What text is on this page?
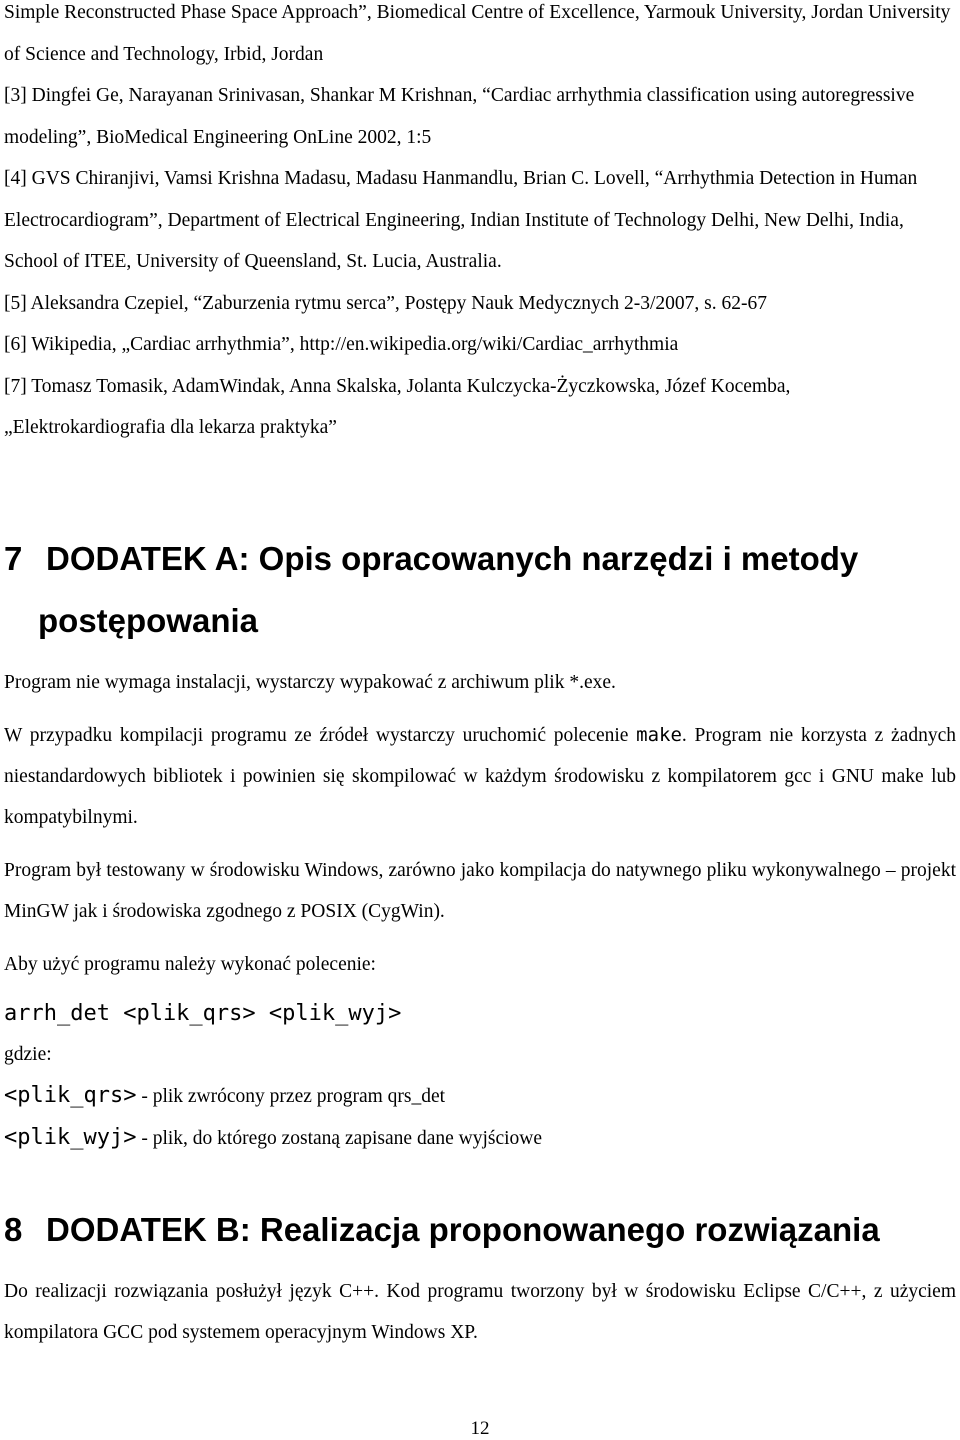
Simple Reconstructed Phase Space Approach”, Biomedical Centre of Excellence, Yarmouk University, Jordan University of Science and Technology, Irbid, Jordan

[3] Dingfei Ge, Narayanan Srinivasan, Shankar M Krishnan, “Cardiac arrhythmia classification using autoregressive modeling”, BioMedical Engineering OnLine 2002, 1:5

[4] GVS Chiranjivi, Vamsi Krishna Madasu, Madasu Hanmandlu, Brian C. Lovell, “Arrhythmia Detection in Human Electrocardiogram”, Department of Electrical Engineering, Indian Institute of Technology Delhi, New Delhi, India, School of ITEE, University of Queensland, St. Lucia, Australia.

[5] Aleksandra Czepiel, “Zaburzenia rytmu serca”, Postępy Nauk Medycznych 2-3/2007, s. 62-67

[6] Wikipedia, „Cardiac arrhythmia”, http://en.wikipedia.org/wiki/Cardiac_arrhythmia

[7] Tomasz Tomasik, AdamWindak, Anna Skalska, Jolanta Kulczycka-Życzkowska, Józef Kocemba, „Elektrokardiografia dla lekarza praktyka”

7 DODATEK A: Opis opracowanych narzędzi i metody
postępowania

Program nie wymaga instalacji, wystarczy wypakować z archiwum plik *.exe.

W przypadku kompilacji programu ze źródeł wystarczy uruchomić polecenie make. Program nie korzysta z żadnych niestandardowych bibliotek i powinien się skompilować w każdym środowisku z kompilatorem gcc i GNU make lub kompatybilnymi.

Program był testowany w środowisku Windows, zarówno jako kompilacja do natywnego pliku wykonywalnego – projekt MinGW jak i środowiska zgodnego z POSIX (CygWin).

Aby użyć programu należy wykonać polecenie:

arrh_det <plik_qrs> <plik_wyj>

gdzie:

<plik_qrs> - plik zwrócony przez program qrs_det

<plik_wyj> - plik, do którego zostaną zapisane dane wyjściowe

8 DODATEK B: Realizacja proponowanego rozwiązania

Do realizacji rozwiązania posłużył język C++. Kod programu tworzony był w środowisku Eclipse C/C++, z użyciem kompilatora GCC pod systemem operacyjnym Windows XP.

12
